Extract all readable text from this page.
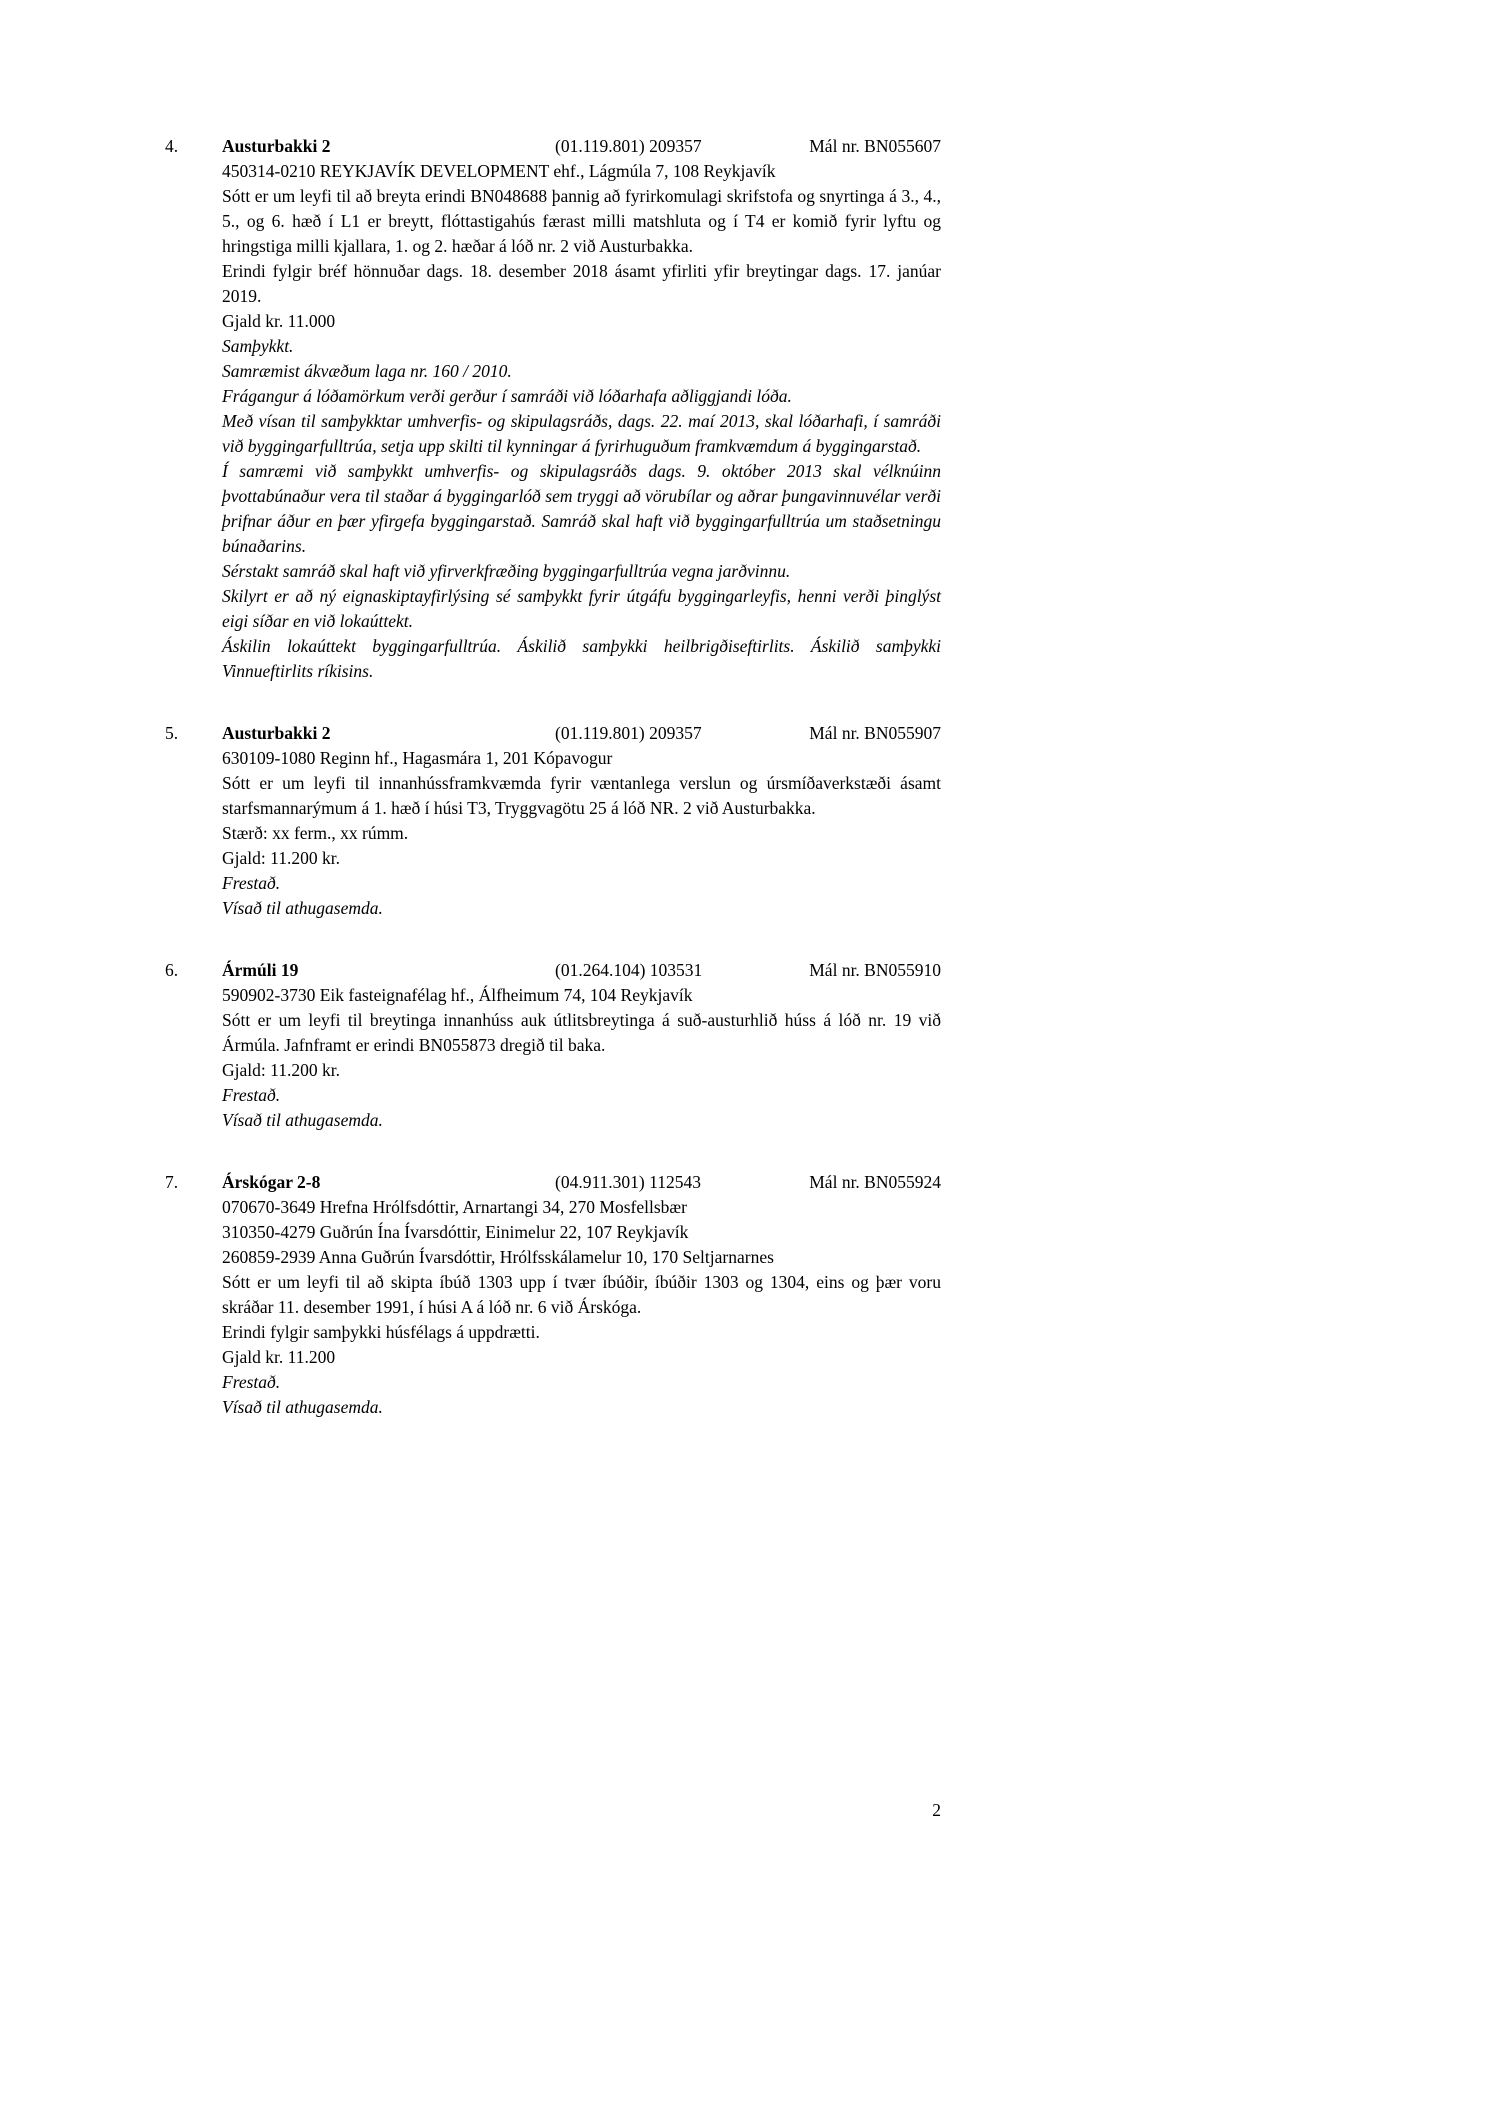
4.	Austurbakki 2	(01.119.801) 209357	Mál nr. BN055607
450314-0210 REYKJAVÍK DEVELOPMENT ehf., Lágmúla 7, 108 Reykjavík
Sótt er um leyfi til að breyta erindi BN048688 þannig að fyrirkomulagi skrifstofa og snyrtinga á 3., 4., 5., og 6. hæð í L1 er breytt, flóttastigahús færast milli matshluta og í T4 er komið fyrir lyftu og hringstiga milli kjallara, 1. og 2. hæðar á lóð nr. 2 við Austurbakka.
Erindi fylgir bréf hönnuðar dags. 18. desember 2018 ásamt yfirliti yfir breytingar dags. 17. janúar 2019.
Gjald kr. 11.000
Samþykkt.
Samræmist ákvæðum laga nr. 160 / 2010.
Frágangur á lóðamörkum verði gerður í samráði við lóðarhafa aðliggjandi lóða.
Með vísan til samþykktar umhverfis- og skipulagsráðs, dags. 22. maí 2013, skal lóðarhafi, í samráði við byggingarfulltrúa, setja upp skilti til kynningar á fyrirhuguðum framkvæmdum á byggingarstað.
Í samræmi við samþykkt umhverfis- og skipulagsráðs dags. 9. október 2013 skal vélknúinn þvottabúnaður vera til staðar á byggingarlóð sem tryggi að vörubílar og aðrar þungavinnuvélar verði þrifnar áður en þær yfirgefa byggingarstað. Samráð skal haft við byggingarfulltrúa um staðsetningu búnaðarins.
Sérstakt samráð skal haft við yfirverkfræðing byggingarfulltrúa vegna jarðvinnu.
Skilyrt er að ný eignaskiptayfirlýsing sé samþykkt fyrir útgáfu byggingarleyfis, henni verði þinglýst eigi síðar en við lokaúttekt.
Áskilin lokaúttekt byggingarfulltrúa. Áskilið samþykki heilbrigðiseftirlits. Áskilið samþykki Vinnueftirlits ríkisins.
5.	Austurbakki 2	(01.119.801) 209357	Mál nr. BN055907
630109-1080 Reginn hf., Hagasmára 1, 201 Kópavogur
Sótt er um leyfi til innanhússframkvæmda fyrir væntanlega verslun og úrsmíðaverkstæði ásamt starfsmannarýmum á 1. hæð í húsi T3, Tryggvagötu 25 á lóð NR. 2 við Austurbakka.
Stærð: xx ferm., xx rúmm.
Gjald: 11.200 kr.
Frestað.
Vísað til athugasemda.
6.	Ármúli 19	(01.264.104) 103531	Mál nr. BN055910
590902-3730 Eik fasteignafélag hf., Álfheimum 74, 104 Reykjavík
Sótt er um leyfi til breytinga innanhúss auk útlitsbreytinga á suð-austurhlið húss á lóð nr. 19 við Ármúla. Jafnframt er erindi BN055873 dregið til baka.
Gjald: 11.200 kr.
Frestað.
Vísað til athugasemda.
7.	Árskógar 2-8	(04.911.301) 112543	Mál nr. BN055924
070670-3649 Hrefna Hrólfsdóttir, Arnartangi 34, 270 Mosfellsbær
310350-4279 Guðrún Ína Ívarsdóttir, Einimelur 22, 107 Reykjavík
260859-2939 Anna Guðrún Ívarsdóttir, Hrólfsskálamelur 10, 170 Seltjarnarnes
Sótt er um leyfi til að skipta íbúð 1303 upp í tvær íbúðir, íbúðir 1303 og 1304, eins og þær voru skráðar 11. desember 1991, í húsi A á lóð nr. 6 við Árskóga.
Erindi fylgir samþykki húsfélags á uppdrætti.
Gjald kr. 11.200
Frestað.
Vísað til athugasemda.
2
